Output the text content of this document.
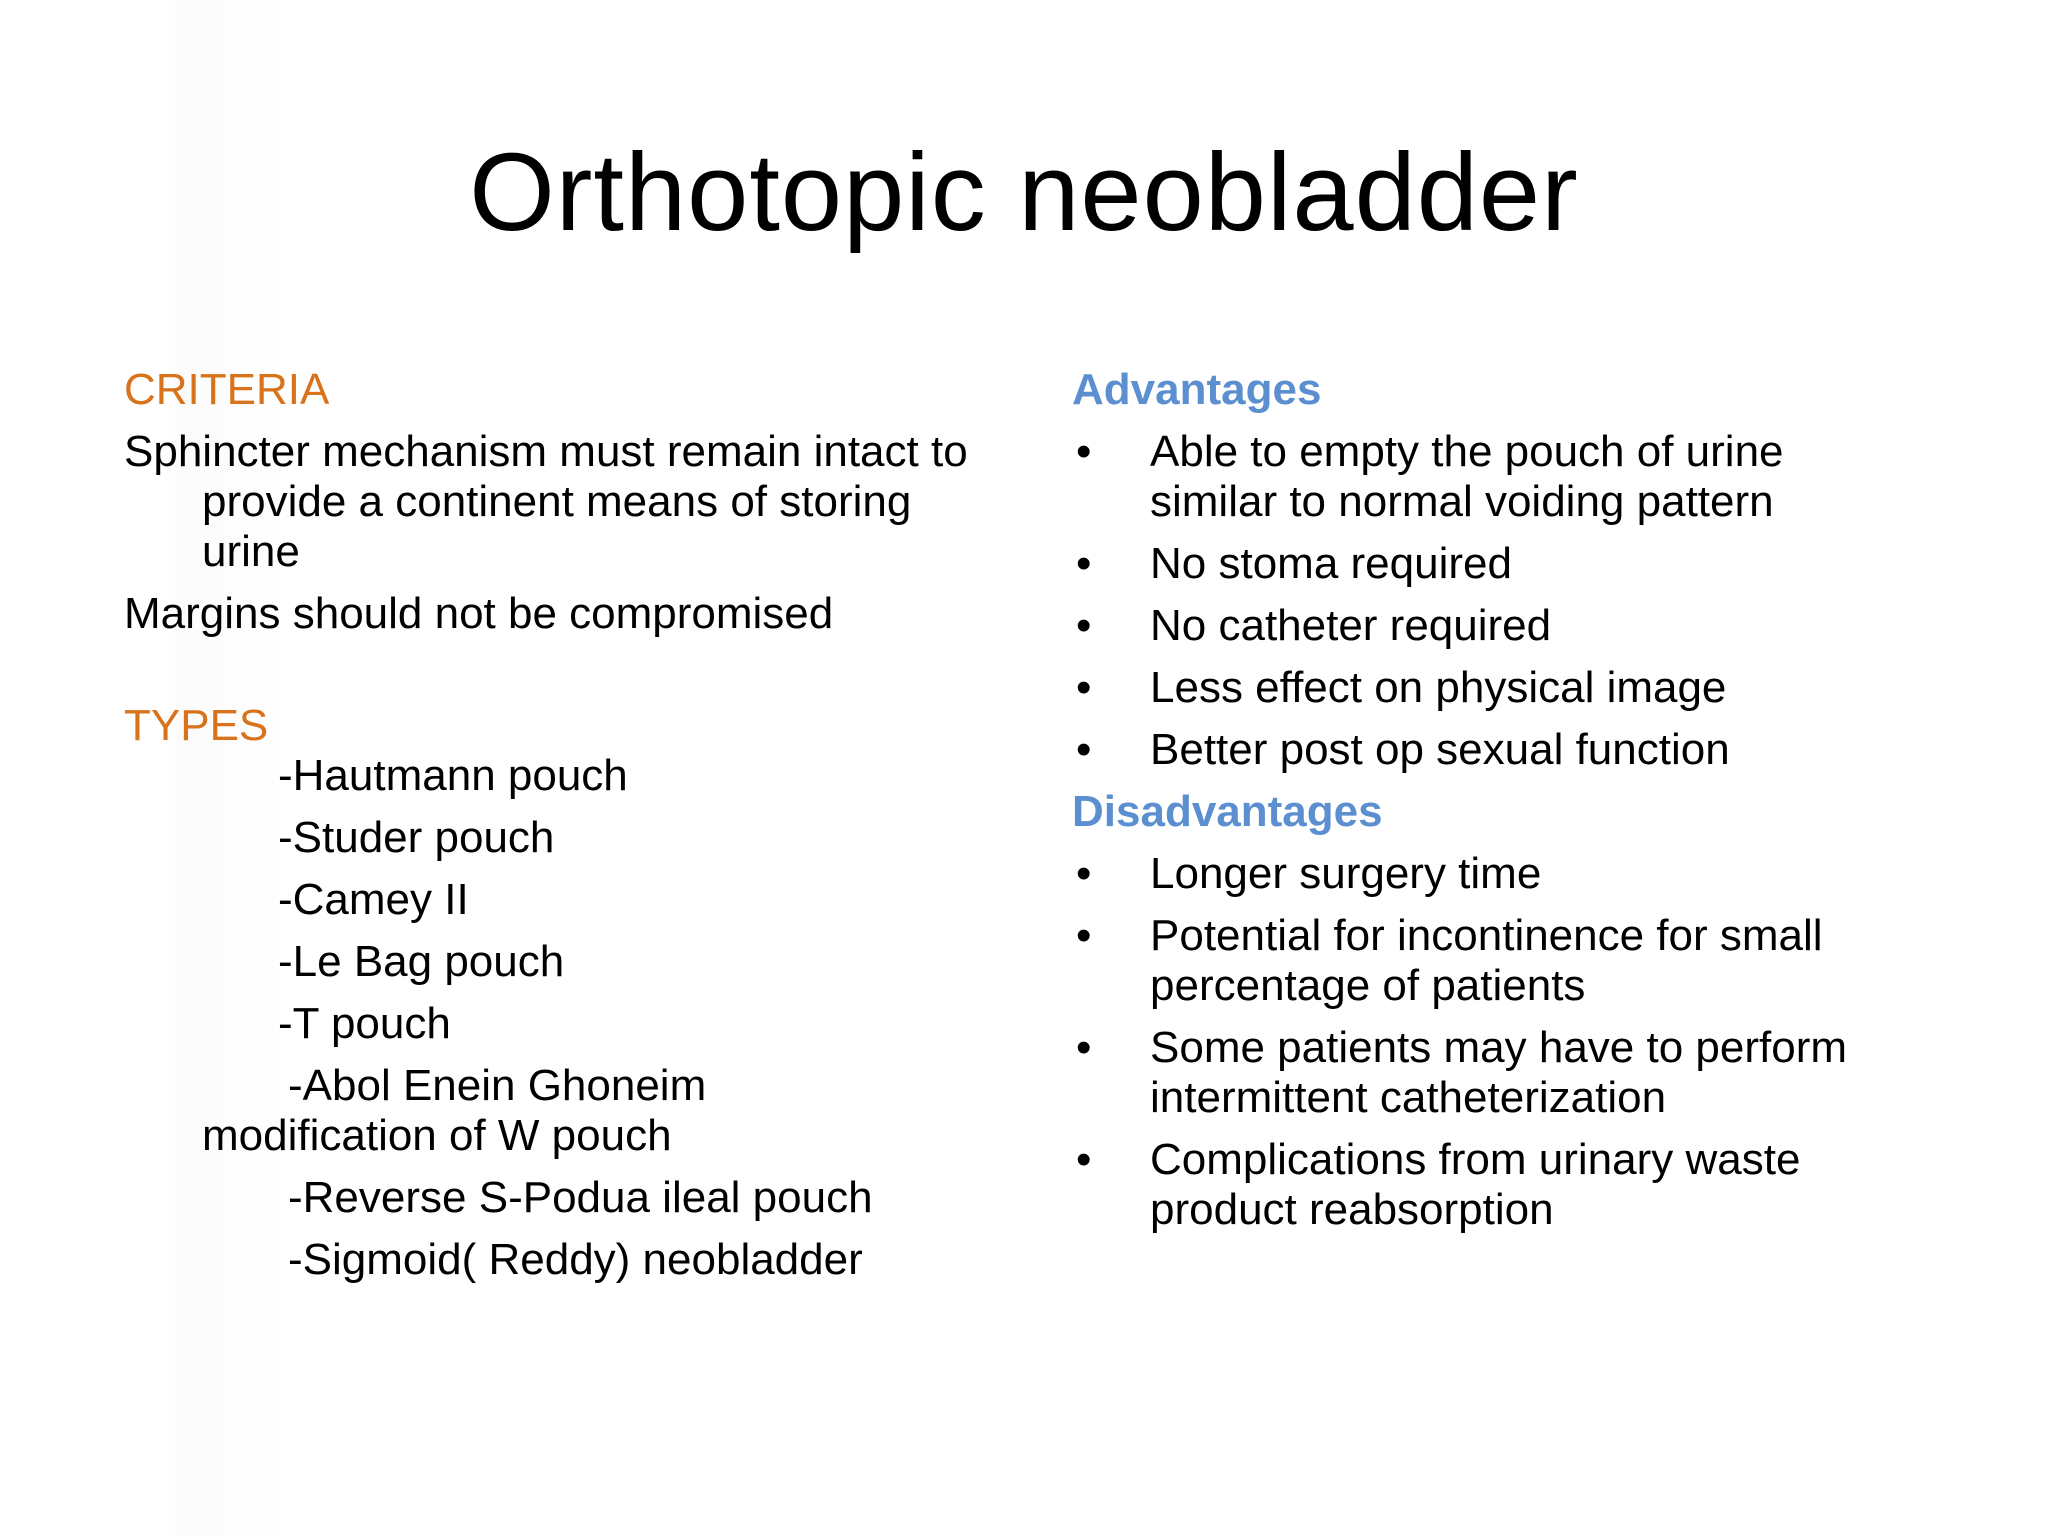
Orthotopic neobladder

CRITERIA

Sphincter mechanism must remain intact to provide a continent means of storing urine

Margins should not be compromised

TYPES

-Hautmann pouch

-Studer pouch

-Camey II

-Le Bag pouch

-T pouch

-Abol Enein Ghoneim

modification of W pouch

-Reverse S-Podua ileal pouch

-Sigmoid( Reddy) neobladder

Advantages

•	Able to empty the pouch of urine similar to normal voiding pattern
•	No stoma required
•	No catheter required
•	Less effect on physical image
•	Better post op sexual function

Disadvantages

•	Longer surgery time
•	Potential for incontinence for small percentage of patients
•	Some patients may have to perform intermittent catheterization
•	Complications from urinary waste product reabsorption
